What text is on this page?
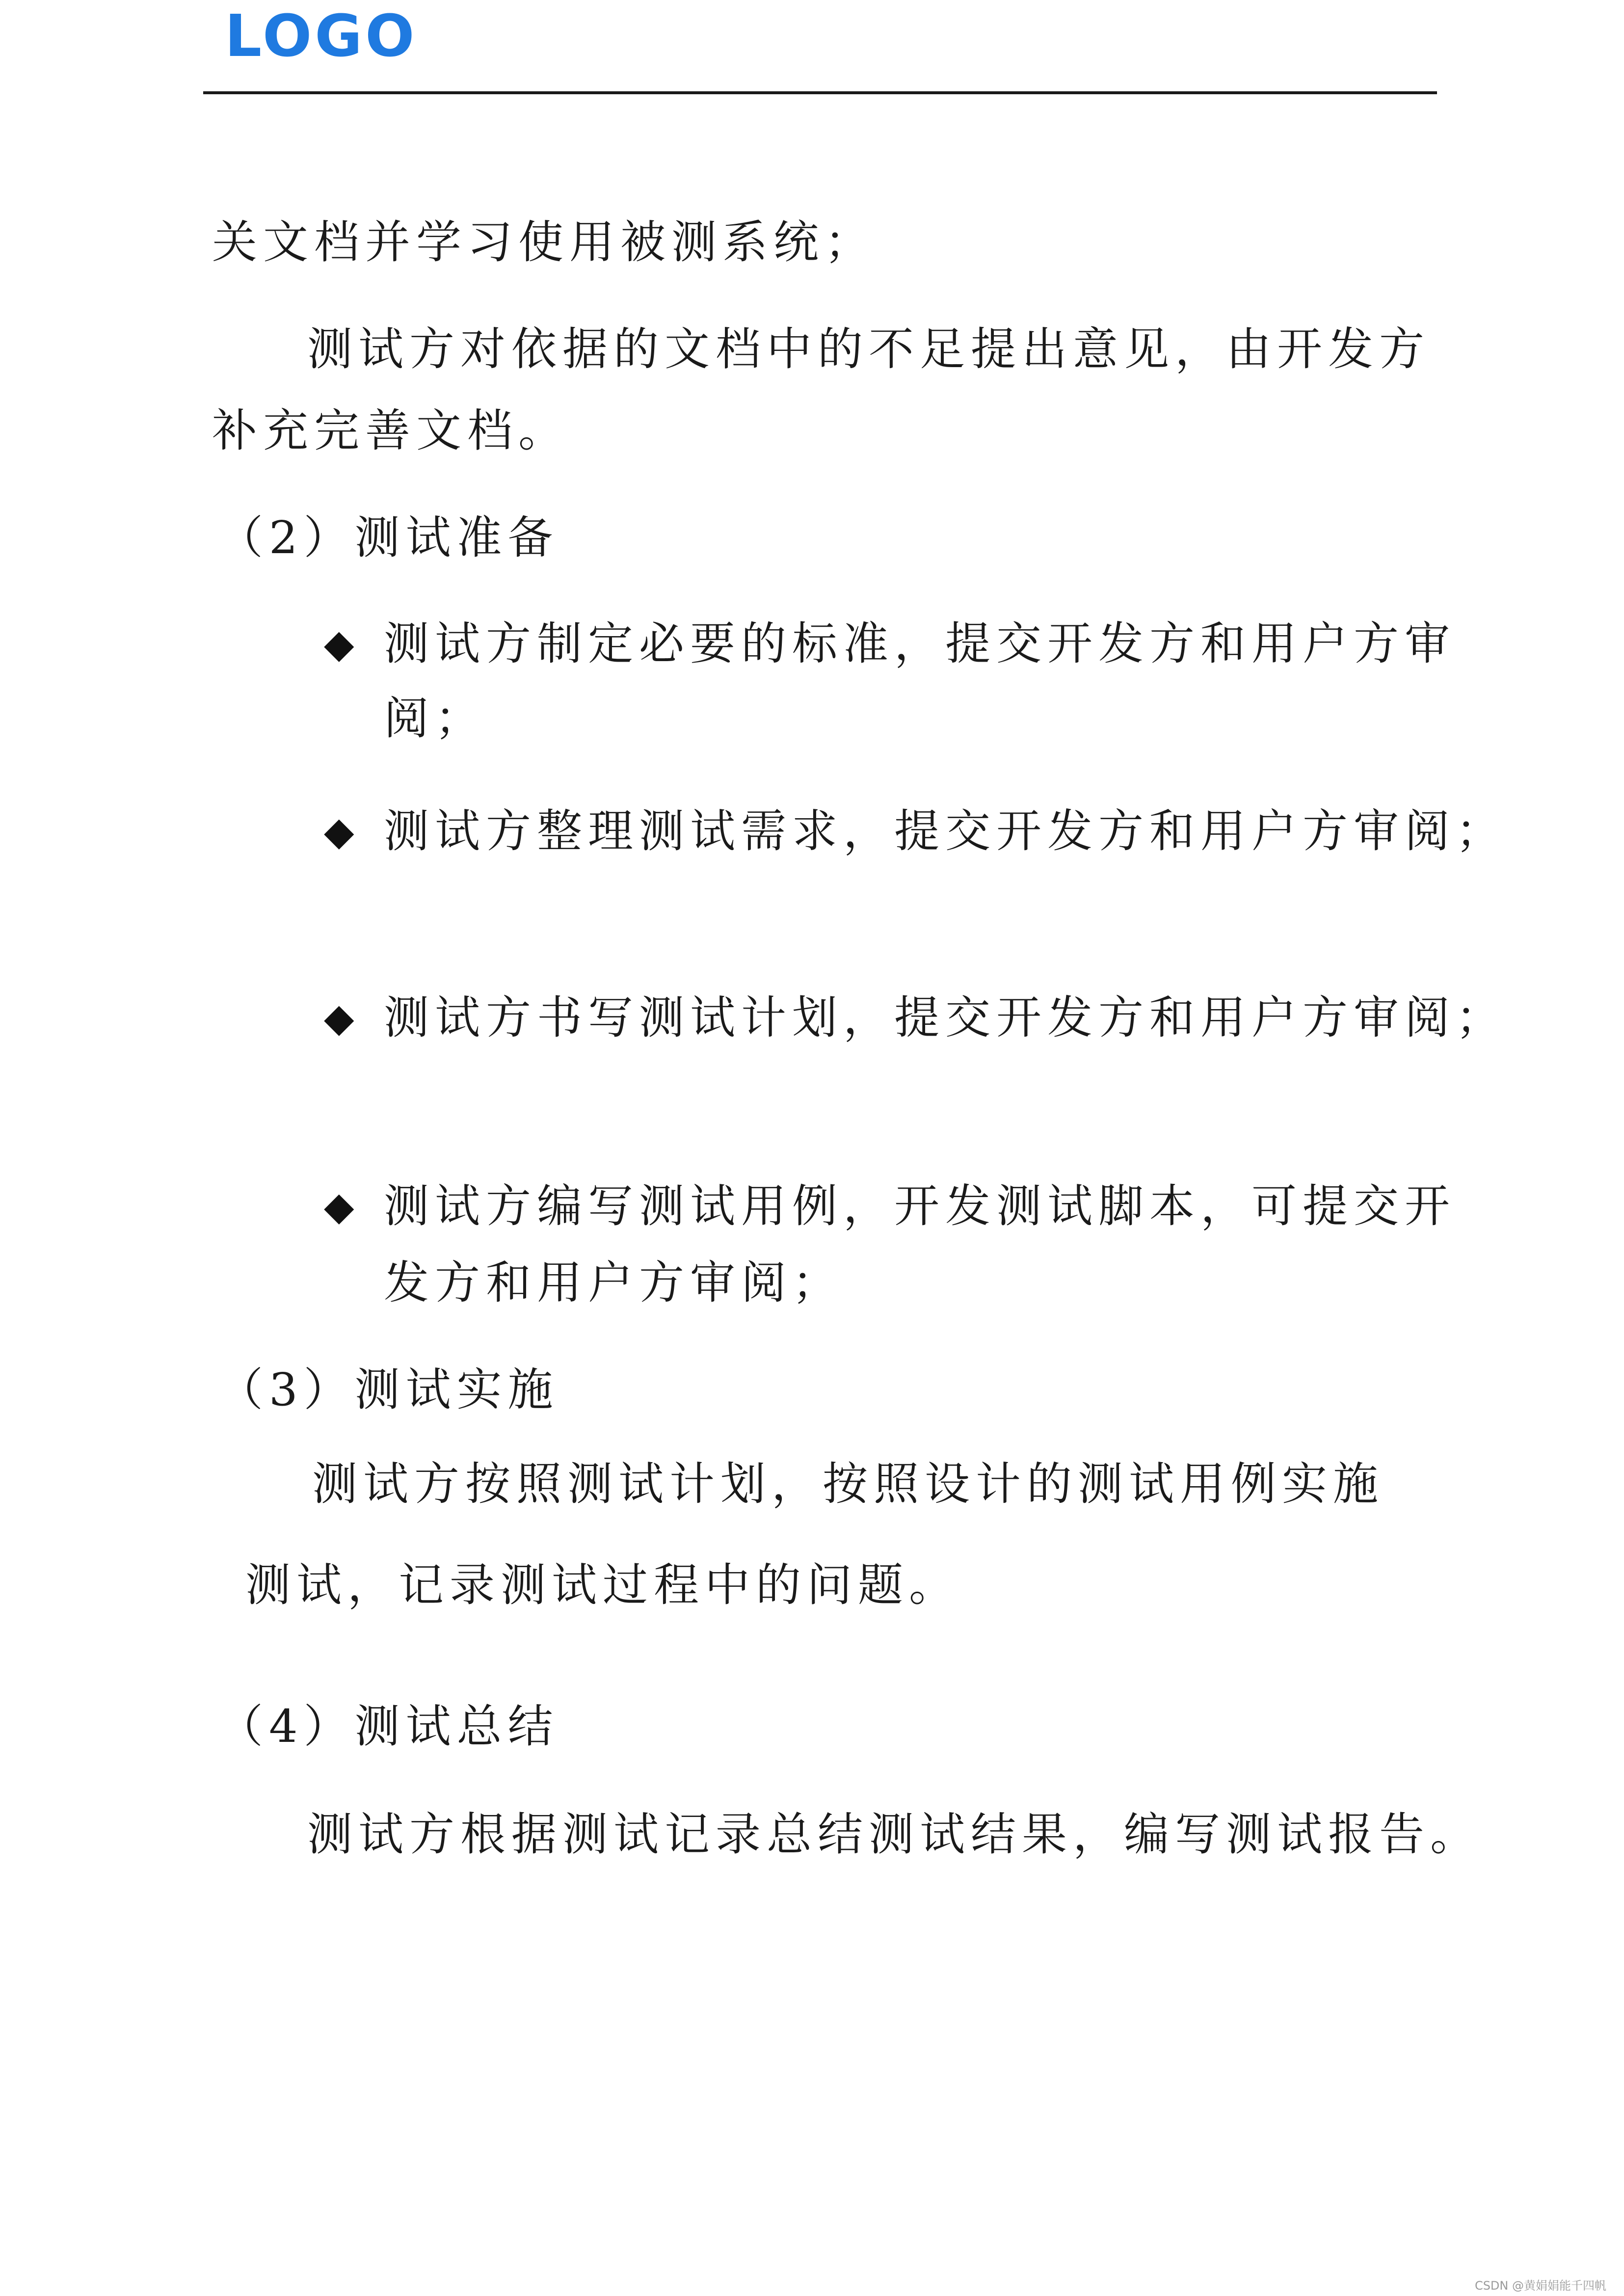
LOGO
关文档并学习使用被测系统；
测试方对依据的文档中的不足提出意见，由开发方
补充完善文档。
（2）测试准备
◆ 测试方制定必要的标准，提交开发方和用户方审
阅；
◆ 测试方整理测试需求，提交开发方和用户方审阅；
◆ 测试方书写测试计划，提交开发方和用户方审阅；
◆ 测试方编写测试用例，开发测试脚本，可提交开
发方和用户方审阅；
（3）测试实施
测试方按照测试计划，按照设计的测试用例实施
测试，记录测试过程中的问题。
（4）测试总结
测试方根据测试记录总结测试结果，编写测试报告。
CSDN @黄娟娟能千四帆
